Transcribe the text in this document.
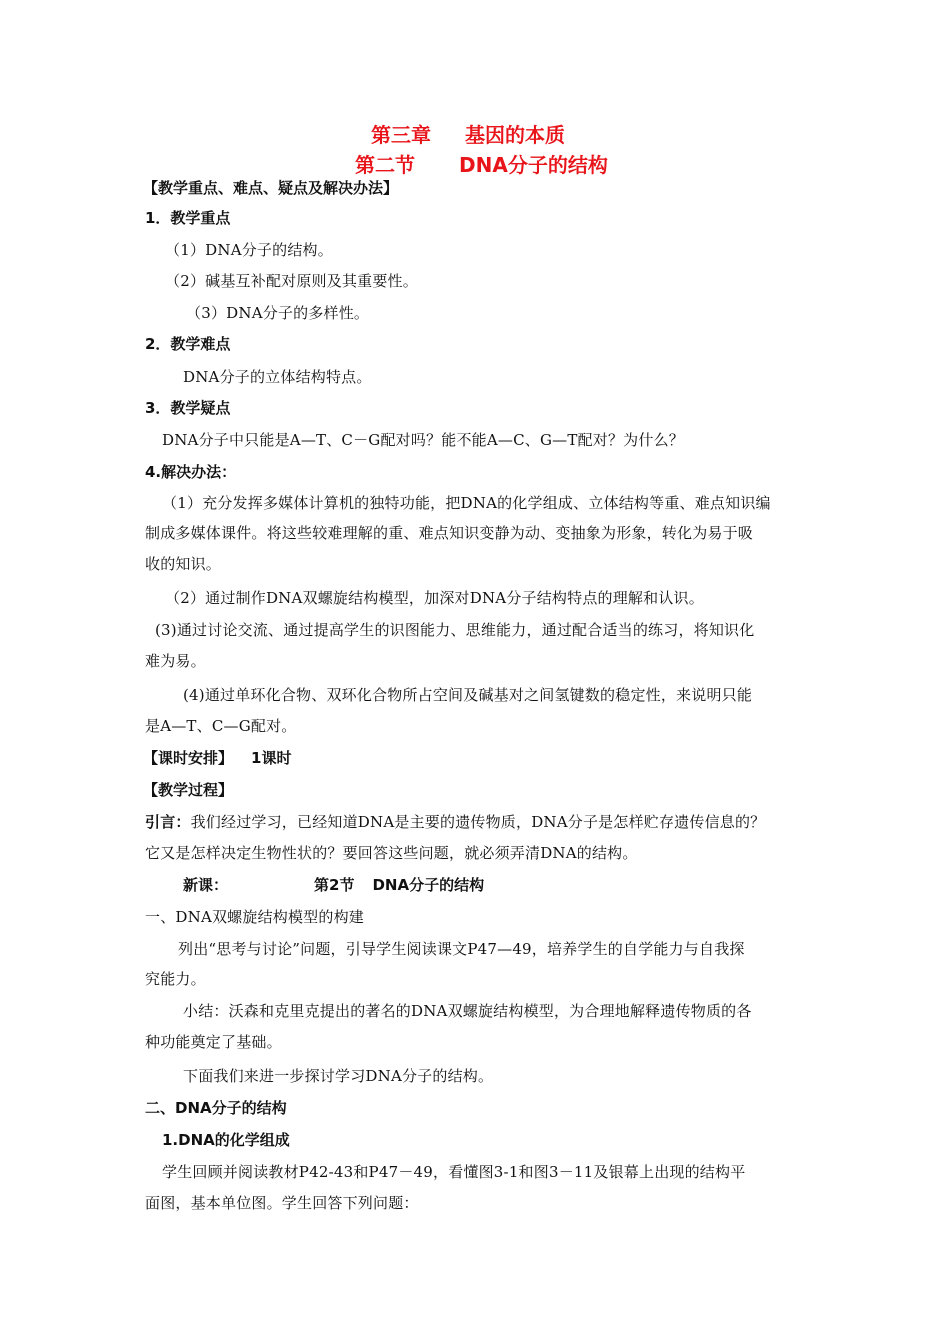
第三章 基因的本质
第二节 DNA分子的结构
【教学重点、难点、疑点及解决办法】
1．教学重点
（1）DNA分子的结构。
（2）碱基互补配对原则及其重要性。
（3）DNA分子的多样性。
2．教学难点
DNA分子的立体结构特点。
3．教学疑点
DNA分子中只能是A—T、C－G配对吗？能不能A—C、G—T配对？为什么？
4.解决办法：
（1）充分发挥多媒体计算机的独特功能，把DNA的化学组成、立体结构等重、难点知识编
制成多媒体课件。将这些较难理解的重、难点知识变静为动、变抽象为形象，转化为易于吸
收的知识。
（2）通过制作DNA双螺旋结构模型，加深对DNA分子结构特点的理解和认识。
(3)通过讨论交流、通过提高学生的识图能力、思维能力，通过配合适当的练习，将知识化
难为易。
(4)通过单环化合物、双环化合物所占空间及碱基对之间氢键数的稳定性，来说明只能
是A—T、C—G配对。
【课时安排】 1课时
【教学过程】
引言：我们经过学习，已经知道DNA是主要的遗传物质，DNA分子是怎样贮存遗传信息的？
它又是怎样决定生物性状的？要回答这些问题，就必须弄清DNA的结构。
新课：	第2节 DNA分子的结构
一、DNA双螺旋结构模型的构建
列出“思考与讨论”问题，引导学生阅读课文P47—49，培养学生的自学能力与自我探
究能力。
小结：沃森和克里克提出的著名的DNA双螺旋结构模型，为合理地解释遗传物质的各
种功能奠定了基础。
下面我们来进一步探讨学习DNA分子的结构。
二、DNA分子的结构
1.DNA的化学组成
学生回顾并阅读教材P42-43和P47－49，看懂图3-1和图3－11及银幕上出现的结构平
面图，基本单位图。学生回答下列问题：
